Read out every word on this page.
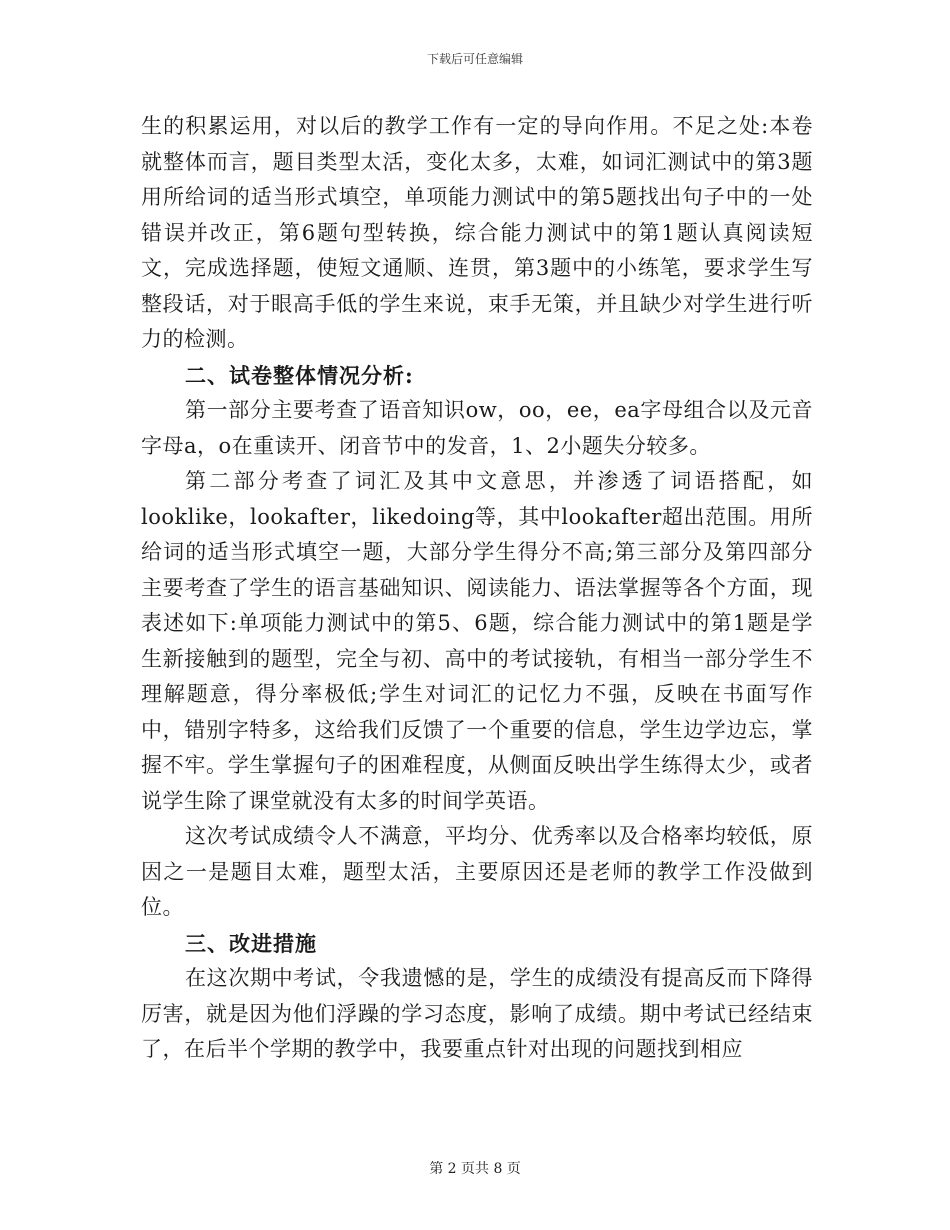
下载后可任意编辑

生的积累运用，对以后的教学工作有一定的导向作用。不足之处:本卷就整体而言，题目类型太活，变化太多，太难，如词汇测试中的第3题用所给词的适当形式填空，单项能力测试中的第5题找出句子中的一处错误并改正，第6题句型转换，综合能力测试中的第1题认真阅读短文，完成选择题，使短文通顺、连贯，第3题中的小练笔，要求学生写整段话，对于眼高手低的学生来说，束手无策，并且缺少对学生进行听力的检测。

二、试卷整体情况分析:

第一部分主要考查了语音知识ow，oo，ee，ea字母组合以及元音字母a，o在重读开、闭音节中的发音，1、2小题失分较多。

第二部分考查了词汇及其中文意思，并渗透了词语搭配，如looklike，lookafter，likedoing等，其中lookafter超出范围。用所给词的适当形式填空一题，大部分学生得分不高;第三部分及第四部分主要考查了学生的语言基础知识、阅读能力、语法掌握等各个方面，现表述如下:单项能力测试中的第5、6题，综合能力测试中的第1题是学生新接触到的题型，完全与初、高中的考试接轨，有相当一部分学生不理解题意，得分率极低;学生对词汇的记忆力不强，反映在书面写作中，错别字特多，这给我们反馈了一个重要的信息，学生边学边忘，掌握不牢。学生掌握句子的困难程度，从侧面反映出学生练得太少，或者说学生除了课堂就没有太多的时间学英语。

这次考试成绩令人不满意，平均分、优秀率以及合格率均较低，原因之一是题目太难，题型太活，主要原因还是老师的教学工作没做到位。

三、改进措施

在这次期中考试，令我遗憾的是，学生的成绩没有提高反而下降得厉害，就是因为他们浮躁的学习态度，影响了成绩。期中考试已经结束了，在后半个学期的教学中，我要重点针对出现的问题找到相应

第 2 页共 8 页
